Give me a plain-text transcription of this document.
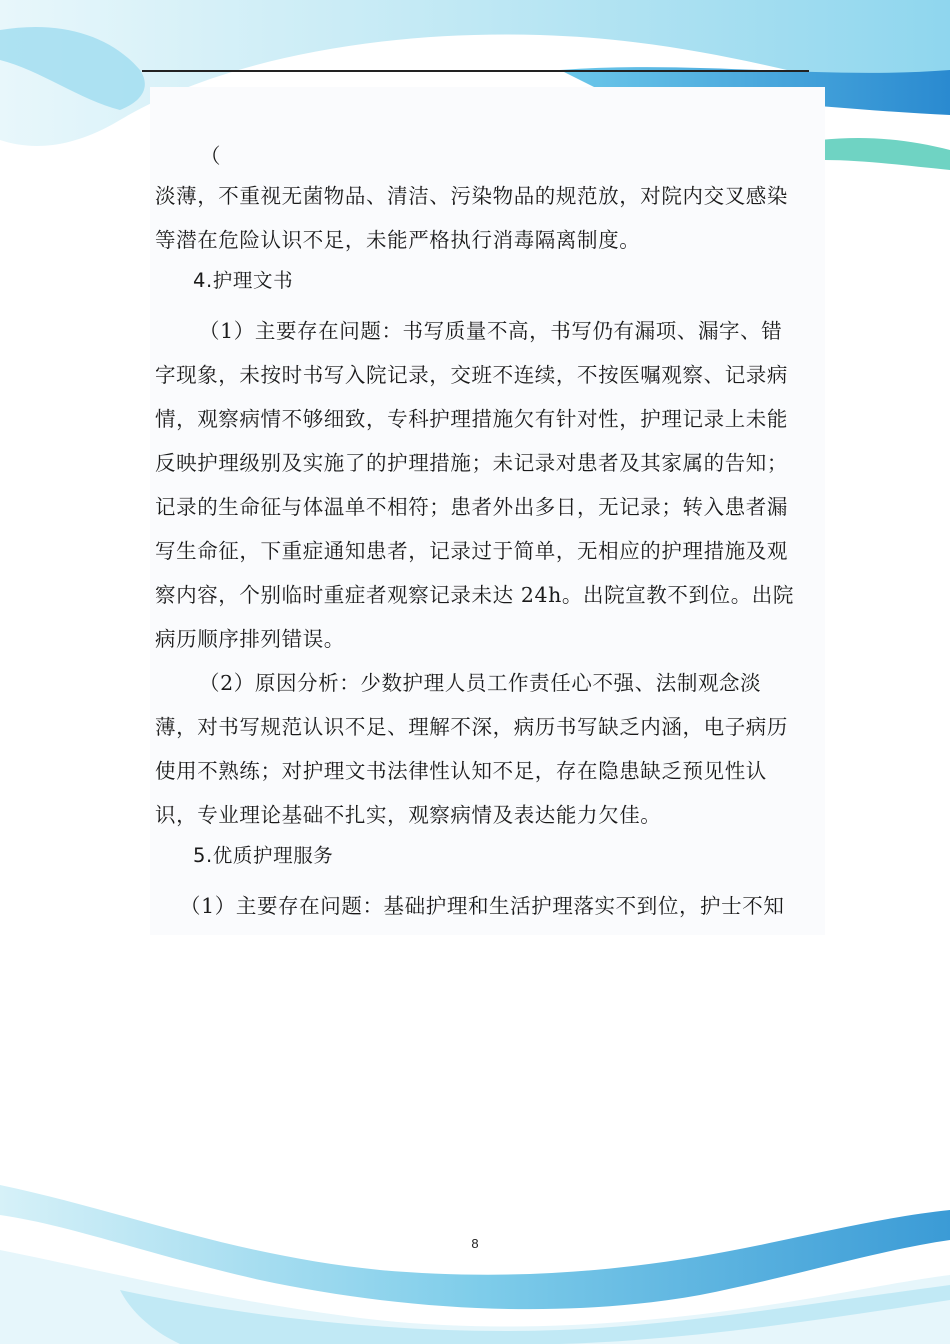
（

淡薄，不重视无菌物品、清洁、污染物品的规范放，对院内交叉感染
等潜在危险认识不足，未能严格执行消毒隔离制度。

4.护理文书

（1）主要存在问题：书写质量不高，书写仍有漏项、漏字、错
字现象，未按时书写入院记录，交班不连续，不按医嘱观察、记录病
情，观察病情不够细致，专科护理措施欠有针对性，护理记录上未能
反映护理级别及实施了的护理措施；未记录对患者及其家属的告知；
记录的生命征与体温单不相符；患者外出多日，无记录；转入患者漏
写生命征，下重症通知患者，记录过于简单，无相应的护理措施及观
察内容，个别临时重症者观察记录未达 24h。出院宣教不到位。出院
病历顺序排列错误。

（2）原因分析：少数护理人员工作责任心不强、法制观念淡
薄，对书写规范认识不足、理解不深，病历书写缺乏内涵，电子病历
使用不熟练；对护理文书法律性认知不足，存在隐患缺乏预见性认
识，专业理论基础不扎实，观察病情及表达能力欠佳。

5.优质护理服务

（1）主要存在问题：基础护理和生活护理落实不到位，护士不知

8
